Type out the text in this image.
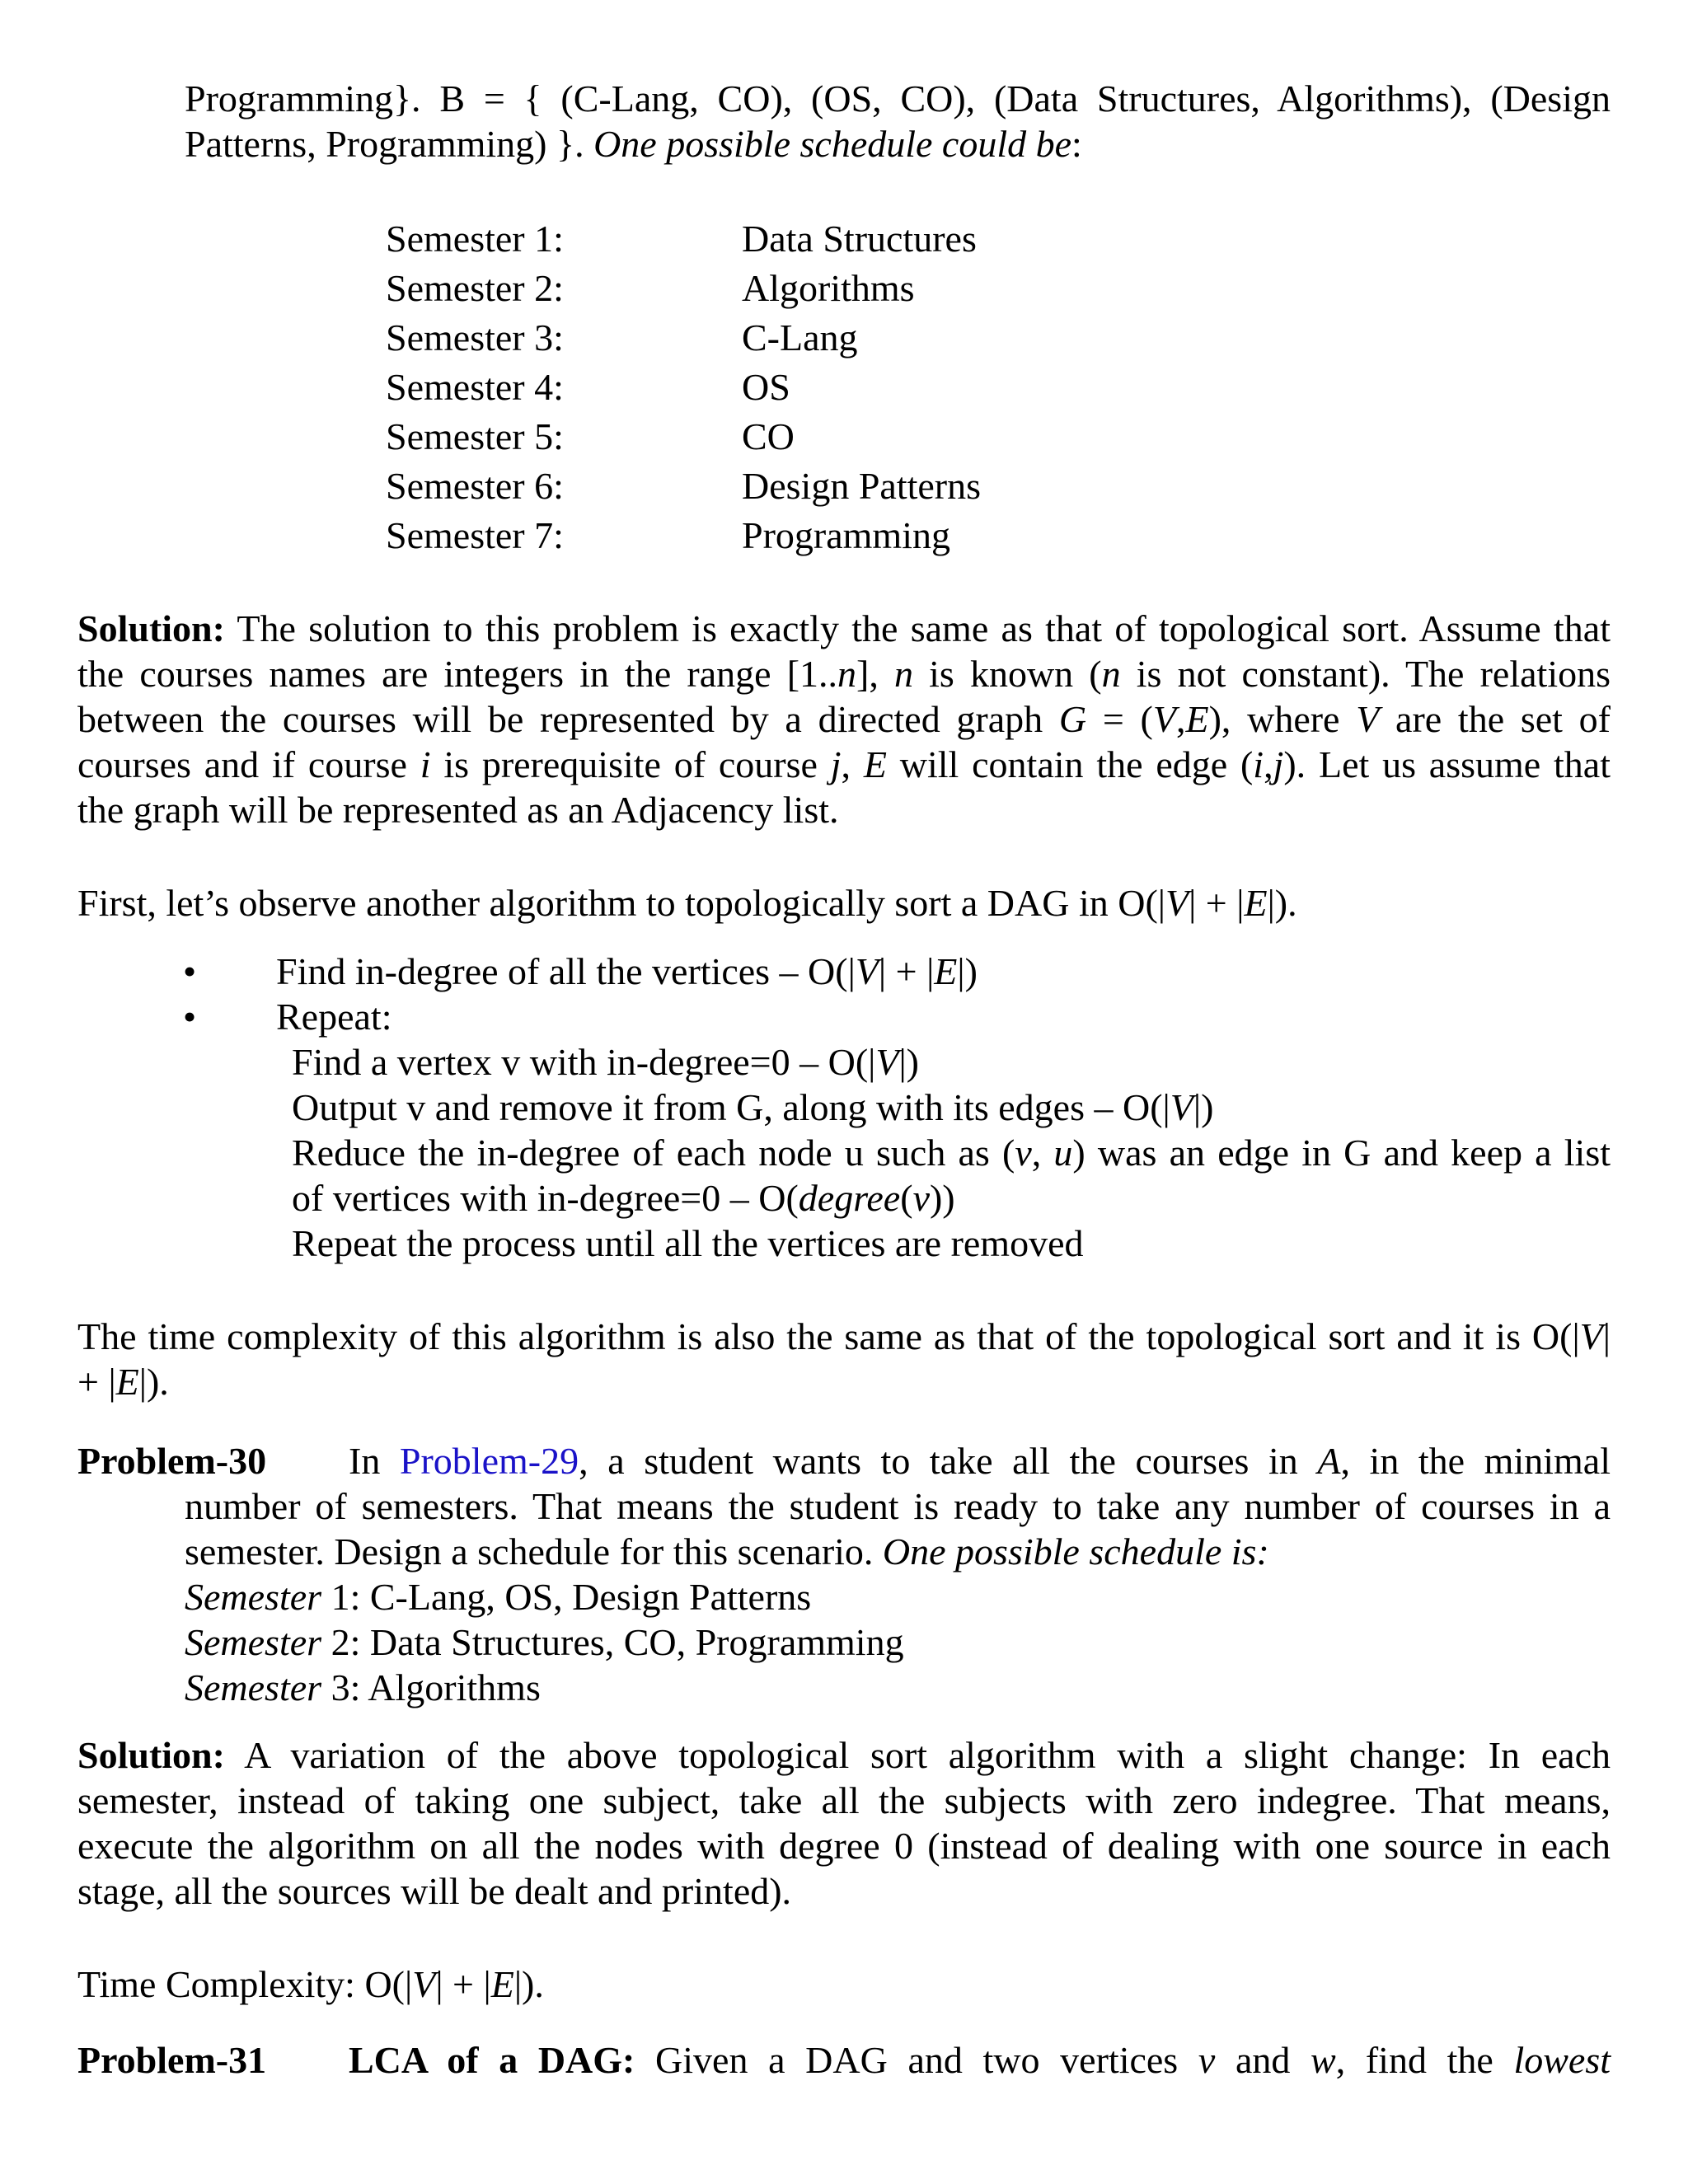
Programming}. B = { (C-Lang, CO), (OS, CO), (Data Structures, Algorithms), (Design
Patterns, Programming) }. One possible schedule could be:
Semester 1:	Data Structures
Semester 2:	Algorithms
Semester 3:	C-Lang
Semester 4:	OS
Semester 5:	CO
Semester 6:	Design Patterns
Semester 7:	Programming
Solution: The solution to this problem is exactly the same as that of topological sort. Assume that
the courses names are integers in the range [1..n], n is known (n is not constant). The relations
between the courses will be represented by a directed graph G = (V,E), where V are the set of
courses and if course i is prerequisite of course j, E will contain the edge (i,j). Let us assume that
the graph will be represented as an Adjacency list.
First, let’s observe another algorithm to topologically sort a DAG in O(|V| + |E|).
• Find in-degree of all the vertices – O(|V| + |E|)
• Repeat:
Find a vertex v with in-degree=0 – O(|V|)
Output v and remove it from G, along with its edges – O(|V|)
Reduce the in-degree of each node u such as (v, u) was an edge in G and keep a list
of vertices with in-degree=0 – O(degree(v))
Repeat the process until all the vertices are removed
The time complexity of this algorithm is also the same as that of the topological sort and it is O(|V|
+ |E|).
Problem-30 In Problem-29, a student wants to take all the courses in A, in the minimal
number of semesters. That means the student is ready to take any number of courses in a
semester. Design a schedule for this scenario. One possible schedule is:
Semester 1: C-Lang, OS, Design Patterns
Semester 2: Data Structures, CO, Programming
Semester 3: Algorithms
Solution: A variation of the above topological sort algorithm with a slight change: In each
semester, instead of taking one subject, take all the subjects with zero indegree. That means,
execute the algorithm on all the nodes with degree 0 (instead of dealing with one source in each
stage, all the sources will be dealt and printed).
Time Complexity: O(|V| + |E|).
Problem-31 LCA of a DAG: Given a DAG and two vertices v and w, find the lowest
